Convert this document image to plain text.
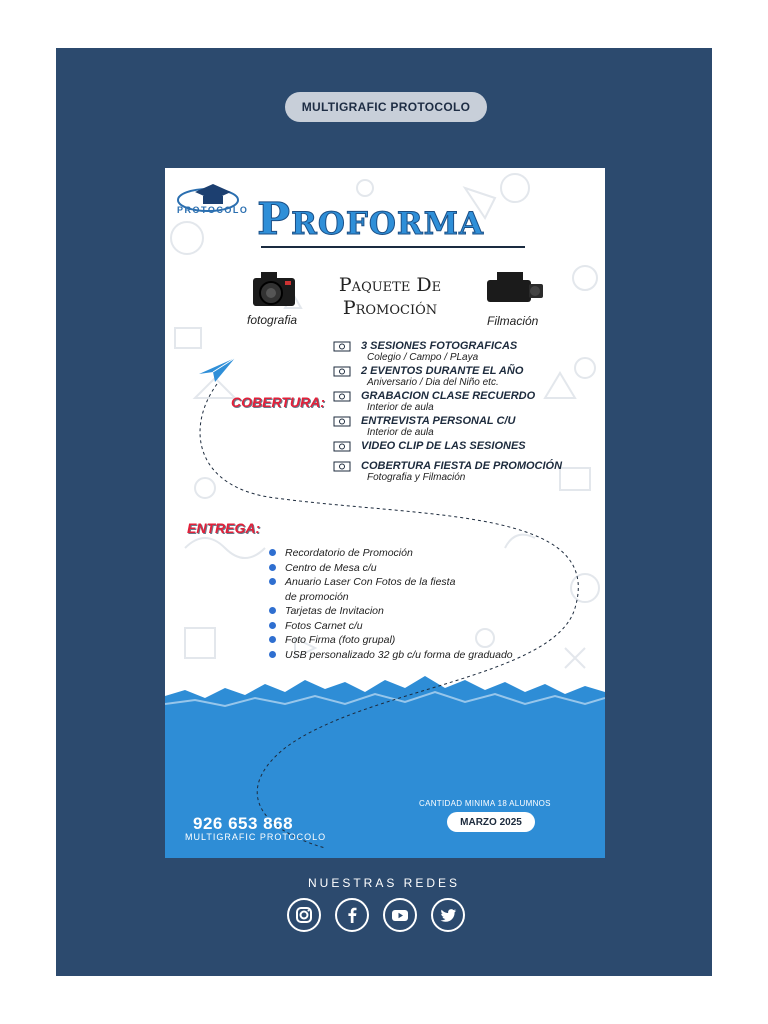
MULTIGRAFIC PROTOCOLO
PROTOCOLO Proforma
fotografia
Paquete De
Promoción
Filmación
COBERTURA:
3 SESIONES FOTOGRAFICAS
Colegio / Campo / PLaya
2 EVENTOS DURANTE EL AÑO
Aniversario / Dia del Niño etc.
GRABACION CLASE RECUERDO
Interior de aula
ENTREVISTA PERSONAL C/U
Interior de aula
VIDEO CLIP DE LAS SESIONES
COBERTURA FIESTA DE PROMOCIÓN
Fotografia y Filmación
ENTREGA:
Recordatorio de Promoción
Centro de Mesa c/u
Anuario Laser Con Fotos de la fiesta
de promoción
Tarjetas de Invitacion
Fotos Carnet c/u
Foto Firma (foto grupal)
USB personalizado 32 gb c/u forma de graduado
926 653 868
MULTIGRAFIC PROTOCOLO
CANTIDAD MINIMA 18 ALUMNOS
MARZO 2025
NUESTRAS REDES
